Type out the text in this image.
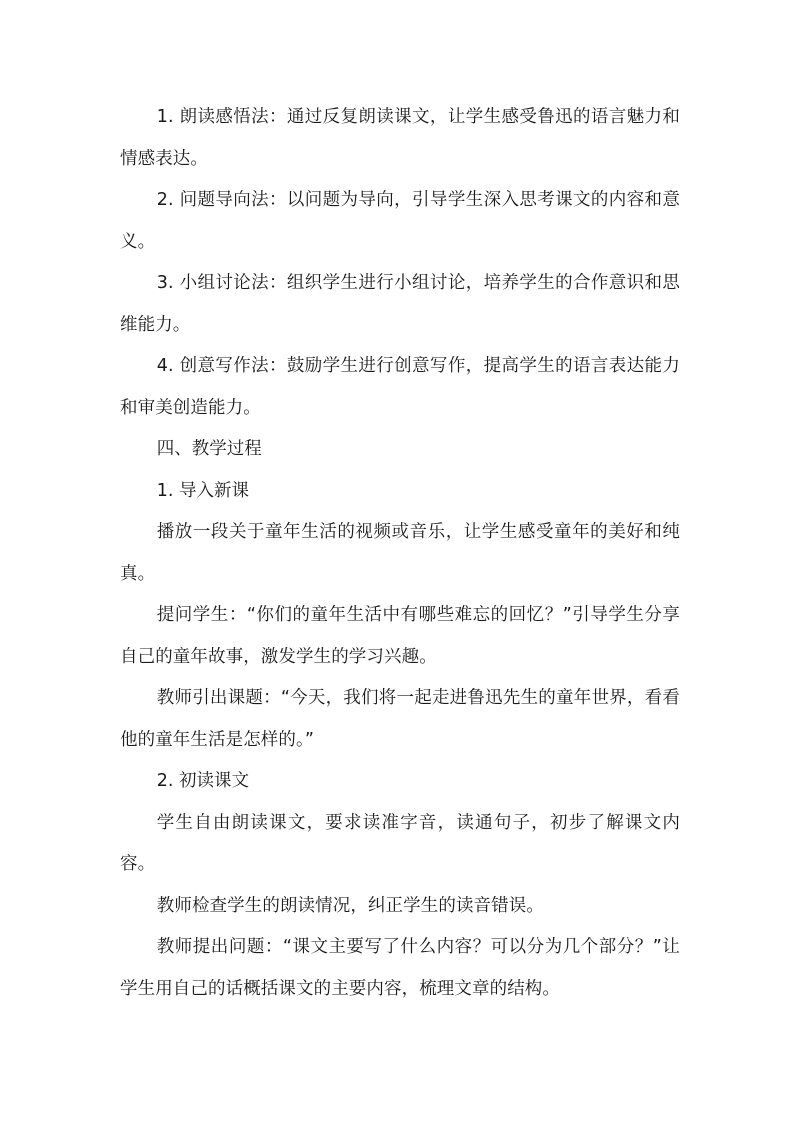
1. 朗读感悟法：通过反复朗读课文，让学生感受鲁迅的语言魅力和情感表达。

2. 问题导向法：以问题为导向，引导学生深入思考课文的内容和意义。

3. 小组讨论法：组织学生进行小组讨论，培养学生的合作意识和思维能力。

4. 创意写作法：鼓励学生进行创意写作，提高学生的语言表达能力和审美创造能力。

四、教学过程

1. 导入新课

播放一段关于童年生活的视频或音乐，让学生感受童年的美好和纯真。

提问学生：“你们的童年生活中有哪些难忘的回忆？”引导学生分享自己的童年故事，激发学生的学习兴趣。

教师引出课题：“今天，我们将一起走进鲁迅先生的童年世界，看看他的童年生活是怎样的。”

2. 初读课文

学生自由朗读课文，要求读准字音，读通句子，初步了解课文内容。

教师检查学生的朗读情况，纠正学生的读音错误。

教师提出问题：“课文主要写了什么内容？可以分为几个部分？”让学生用自己的话概括课文的主要内容，梳理文章的结构。
